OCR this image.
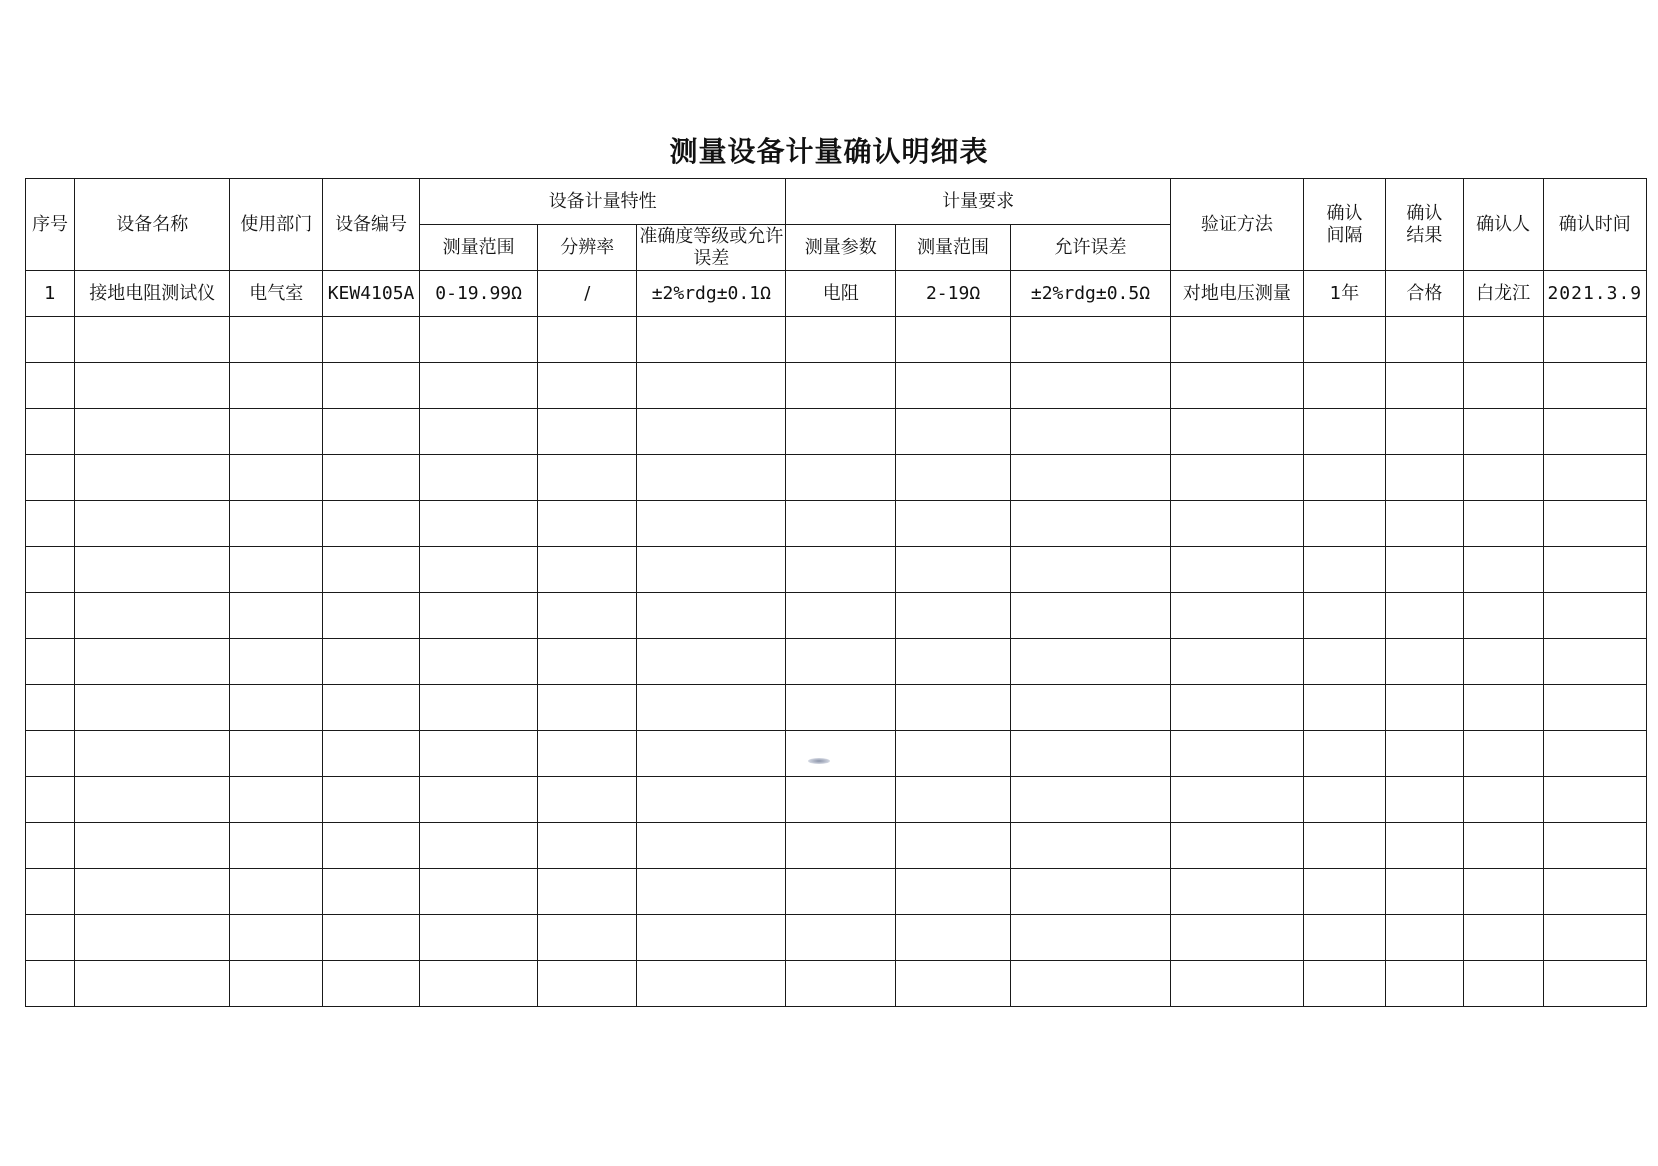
测量设备计量确认明细表
序号	设备名称	使用部门	设备编号	设备计量特性			计量要求			验证方法	确认间隔	确认结果	确认人	确认时间
				测量范围	分辨率	准确度等级或允许误差	测量参数	测量范围	允许误差					
1	接地电阻测试仪	电气室	KEW4105A	0-19.99Ω	/	±2%rdg±0.1Ω	电阻	2-19Ω	±2%rdg±0.5Ω	对地电压测量	1年	合格	白龙江	2021.3.9
